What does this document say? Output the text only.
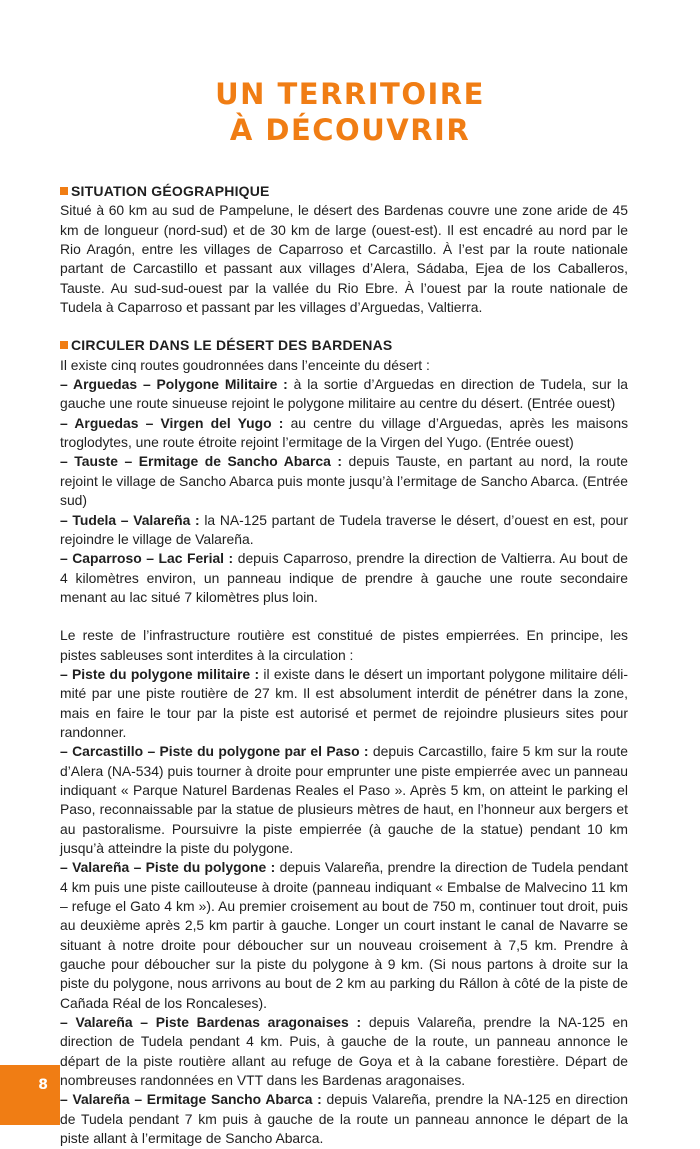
UN TERRITOIRE
À DÉCOUVRIR

SITUATION GÉOGRAPHIQUE

Situé à 60 km au sud de Pampelune, le désert des Bardenas couvre une zone aride de 45 km de longueur (nord-sud) et de 30 km de large (ouest-est). Il est encadré au nord par le Rio Aragón, entre les villages de Caparroso et Carcastillo. À l’est par la route nationale partant de Carcastillo et passant aux villages d’Alera, Sádaba, Ejea de los Caballeros, Tauste. Au sud-sud-ouest par la vallée du Rio Ebre. À l’ouest par la route nationale de Tudela à Caparroso et passant par les villages d’Arguedas, Valtierra.

CIRCULER DANS LE DÉSERT DES BARDENAS

Il existe cinq routes goudronnées dans l’enceinte du désert :

– Arguedas – Polygone Militaire : à la sortie d’Arguedas en direction de Tudela, sur la gauche une route sinueuse rejoint le polygone militaire au centre du désert. (Entrée ouest)

– Arguedas – Virgen del Yugo : au centre du village d’Arguedas, après les maisons troglodytes, une route étroite rejoint l’ermitage de la Virgen del Yugo. (Entrée ouest)

– Tauste – Ermitage de Sancho Abarca : depuis Tauste, en partant au nord, la route rejoint le village de Sancho Abarca puis monte jusqu’à l’ermitage de Sancho Abarca. (Entrée sud)

– Tudela – Valareña : la NA-125 partant de Tudela traverse le désert, d’ouest en est, pour rejoindre le village de Valareña.

– Caparroso – Lac Ferial : depuis Caparroso, prendre la direction de Valtierra. Au bout de 4 kilomètres environ, un panneau indique de prendre à gauche une route secondaire menant au lac situé 7 kilomètres plus loin.

Le reste de l’infrastructure routière est constitué de pistes empierrées. En principe, les pistes sableuses sont interdites à la circulation :

– Piste du polygone militaire : il existe dans le désert un important polygone militaire déli-mité par une piste routière de 27 km. Il est absolument interdit de pénétrer dans la zone, mais en faire le tour par la piste est autorisé et permet de rejoindre plusieurs sites pour randonner.

– Carcastillo – Piste du polygone par el Paso : depuis Carcastillo, faire 5 km sur la route d’Alera (NA-534) puis tourner à droite pour emprunter une piste empierrée avec un panneau indiquant « Parque Naturel Bardenas Reales el Paso ». Après 5 km, on atteint le parking el Paso, reconnaissable par la statue de plusieurs mètres de haut, en l’honneur aux bergers et au pastoralisme. Poursuivre la piste empierrée (à gauche de la statue) pendant 10 km jusqu’à atteindre la piste du polygone.

– Valareña – Piste du polygone : depuis Valareña, prendre la direction de Tudela pendant 4 km puis une piste caillouteuse à droite (panneau indiquant « Embalse de Malvecino 11 km – refuge el Gato 4 km »). Au premier croisement au bout de 750 m, continuer tout droit, puis au deuxième après 2,5 km partir à gauche. Longer un court instant le canal de Navarre se situant à notre droite pour déboucher sur un nouveau croisement à 7,5 km. Prendre à gauche pour déboucher sur la piste du polygone à 9 km. (Si nous partons à droite sur la piste du polygone, nous arrivons au bout de 2 km au parking du Rállon à côté de la piste de Cañada Réal de los Roncaleses).

– Valareña – Piste Bardenas aragonaises : depuis Valareña, prendre la NA-125 en direction de Tudela pendant 4 km. Puis, à gauche de la route, un panneau annonce le départ de la piste routière allant au refuge de Goya et à la cabane forestière. Départ de nombreuses randonnées en VTT dans les Bardenas aragonaises.

– Valareña – Ermitage Sancho Abarca : depuis Valareña, prendre la NA-125 en direction de Tudela pendant 7 km puis à gauche de la route un panneau annonce le départ de la piste allant à l’ermitage de Sancho Abarca.

8
